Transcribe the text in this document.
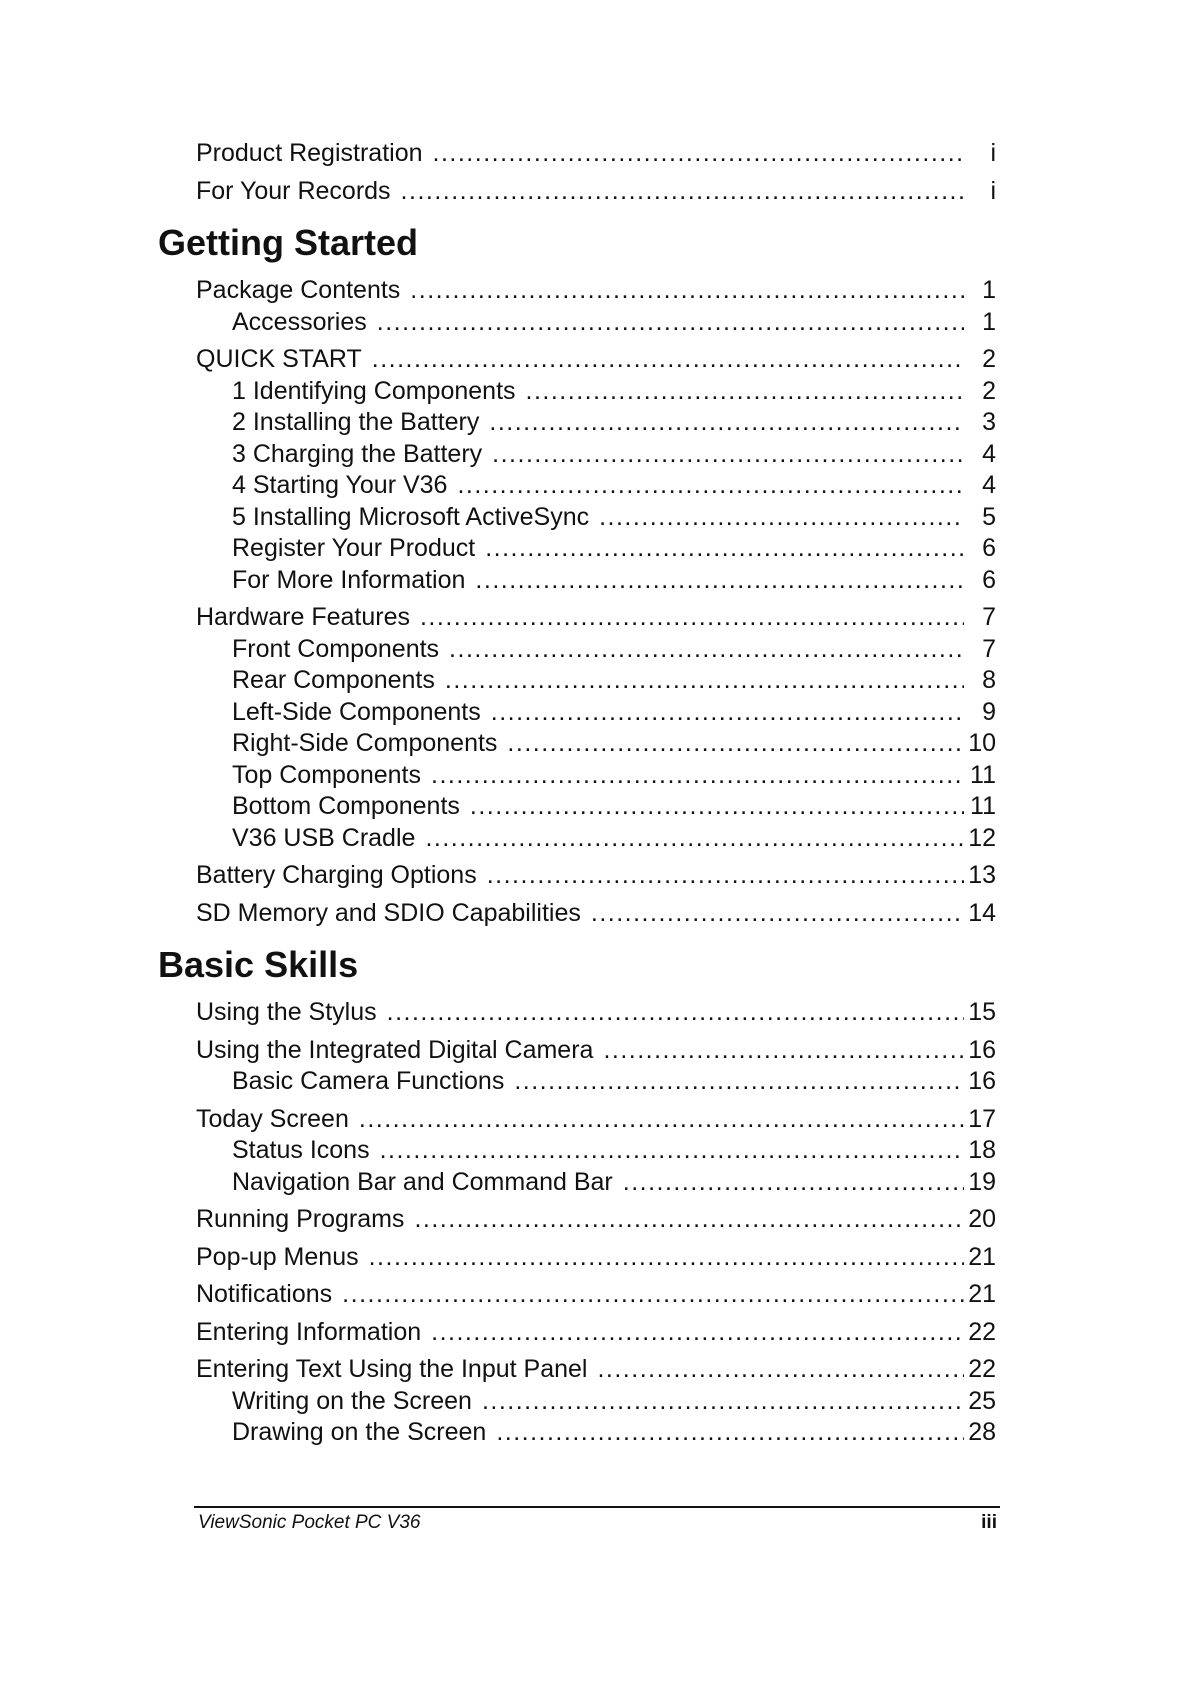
Product Registration .....	i
For Your Records .....	i
Getting Started
Package Contents .....	1
Accessories .....	1
QUICK START .....	2
1 Identifying Components .....	2
2 Installing the Battery .....	3
3 Charging the Battery .....	4
4 Starting Your V36 .....	4
5 Installing Microsoft ActiveSync .....	5
Register Your Product .....	6
For More Information .....	6
Hardware Features .....	7
Front Components .....	7
Rear Components .....	8
Left-Side Components .....	9
Right-Side Components .....	10
Top Components .....	11
Bottom Components .....	11
V36 USB Cradle .....	12
Battery Charging Options .....	13
SD Memory and SDIO Capabilities .....	14
Basic Skills
Using the Stylus .....	15
Using the Integrated Digital Camera .....	16
Basic Camera Functions .....	16
Today Screen .....	17
Status Icons .....	18
Navigation Bar and Command Bar .....	19
Running Programs .....	20
Pop-up Menus .....	21
Notifications .....	21
Entering Information .....	22
Entering Text Using the Input Panel .....	22
Writing on the Screen .....	25
Drawing on the Screen .....	28
ViewSonic Pocket PC V36	iii
